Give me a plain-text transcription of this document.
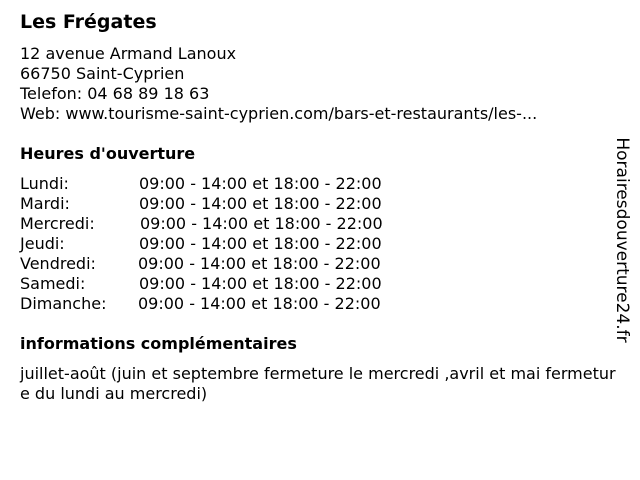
Les Frégates
12 avenue Armand Lanoux
66750 Saint-Cyprien
Telefon: 04 68 89 18 63
Web: www.tourisme-saint-cyprien.com/bars-et-restaurants/les-...
Heures d'ouverture
Lundi:	09:00 - 14:00 et 18:00 - 22:00
Mardi:	09:00 - 14:00 et 18:00 - 22:00
Mercredi:	09:00 - 14:00 et 18:00 - 22:00
Jeudi:	09:00 - 14:00 et 18:00 - 22:00
Vendredi:	09:00 - 14:00 et 18:00 - 22:00
Samedi:	09:00 - 14:00 et 18:00 - 22:00
Dimanche: 09:00 - 14:00 et 18:00 - 22:00
informations complémentaires
juillet-août (juin et septembre fermeture le mercredi ,avril et mai fermeture du lundi au mercredi)
Horairesdouverture24.fr
